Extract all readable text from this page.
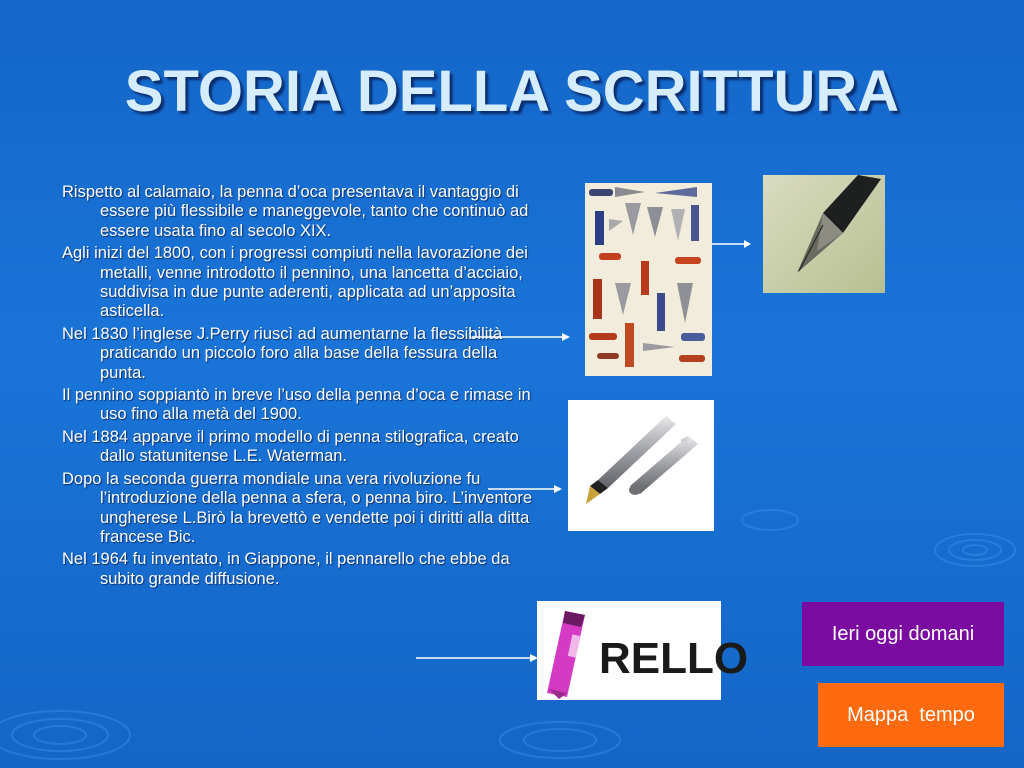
STORIA DELLA SCRITTURA

Rispetto al calamaio, la penna d’oca presentava il vantaggio di essere più flessibile e maneggevole, tanto che continuò ad essere usata fino al secolo XIX.

Agli inizi del 1800, con i progressi compiuti nella lavorazione dei metalli, venne introdotto il pennino, una lancetta d’acciaio, suddivisa in due punte aderenti, applicata ad un’apposita asticella.

Nel 1830 l’inglese J.Perry riuscì ad aumentarne la flessibilità praticando un piccolo foro alla base della fessura della punta.

Il pennino soppiantò in breve l’uso della penna d’oca e rimase in uso fino alla metà del 1900.

Nel 1884 apparve il primo modello di penna stilografica, creato dallo statunitense L.E. Waterman.

Dopo la seconda guerra mondiale una vera rivoluzione fu l’introduzione della penna a sfera, o penna biro. L’inventore ungherese L.Birò la brevettò e vendette poi i diritti alla ditta francese Bic.

Nel 1964 fu inventato, in Giappone, il pennarello che ebbe da subito grande diffusione.

RELLO
Ieri oggi domani
Mappa  tempo
